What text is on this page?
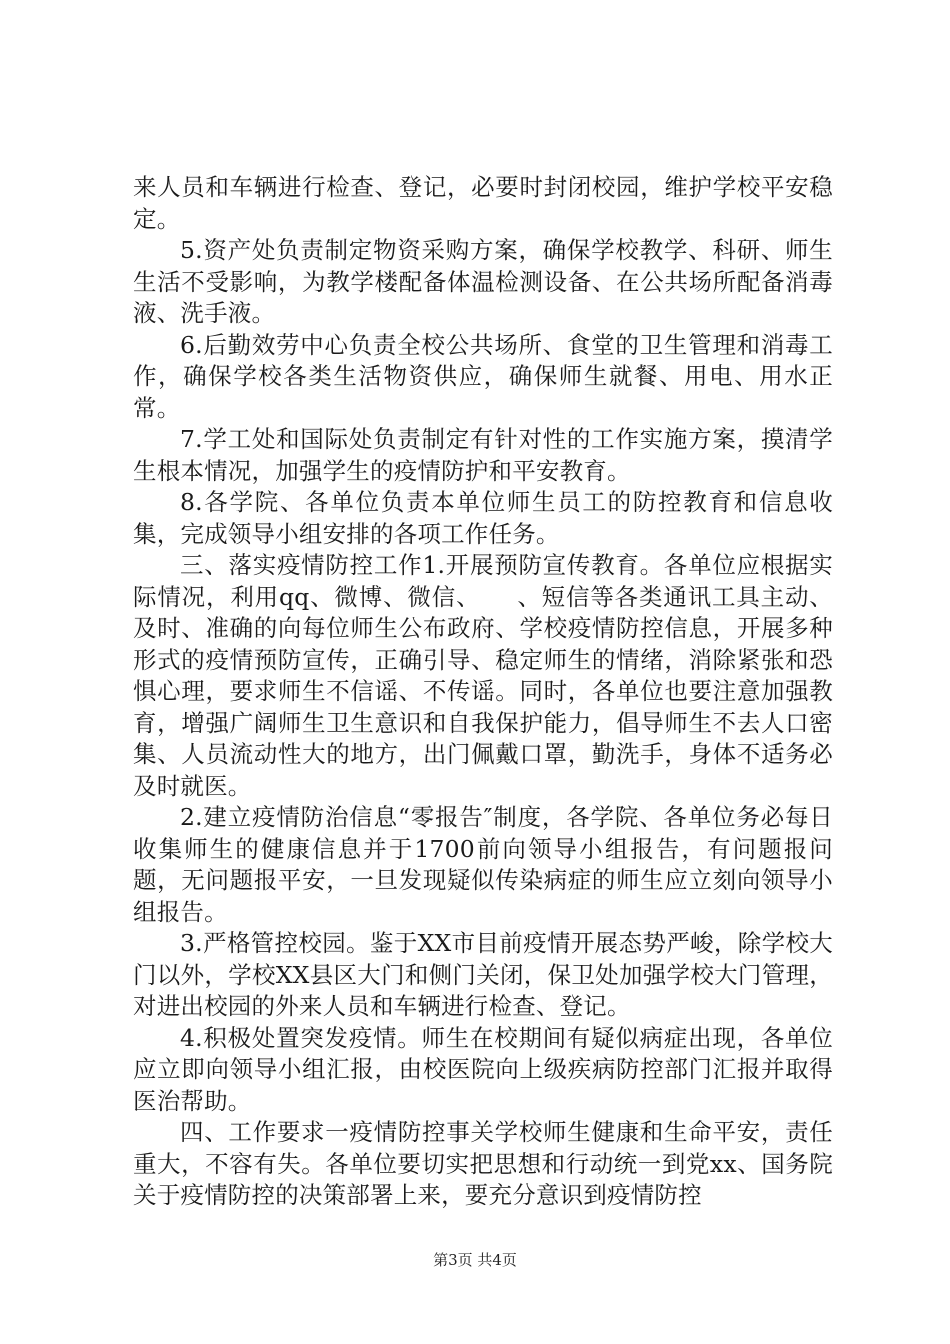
来人员和车辆进行检查、登记，必要时封闭校园，维护学校平安稳定。

5.资产处负责制定物资采购方案，确保学校教学、科研、师生生活不受影响，为教学楼配备体温检测设备、在公共场所配备消毒液、洗手液。

6.后勤效劳中心负责全校公共场所、食堂的卫生管理和消毒工作，确保学校各类生活物资供应，确保师生就餐、用电、用水正常。

7.学工处和国际处负责制定有针对性的工作实施方案，摸清学生根本情况，加强学生的疫情防护和平安教育。

8.各学院、各单位负责本单位师生员工的防控教育和信息收集，完成领导小组安排的各项工作任务。

三、落实疫情防控工作1.开展预防宣传教育。各单位应根据实际情况，利用qq、微博、微信、　　、短信等各类通讯工具主动、及时、准确的向每位师生公布政府、学校疫情防控信息，开展多种形式的疫情预防宣传，正确引导、稳定师生的情绪，消除紧张和恐惧心理，要求师生不信谣、不传谣。同时，各单位也要注意加强教育，增强广阔师生卫生意识和自我保护能力，倡导师生不去人口密集、人员流动性大的地方，出门佩戴口罩，勤洗手，身体不适务必及时就医。

2.建立疫情防治信息“零报告″制度，各学院、各单位务必每日收集师生的健康信息并于1700前向领导小组报告，有问题报问题，无问题报平安，一旦发现疑似传染病症的师生应立刻向领导小组报告。

3.严格管控校园。鉴于XX市目前疫情开展态势严峻，除学校大门以外，学校XX县区大门和侧门关闭，保卫处加强学校大门管理，对进出校园的外来人员和车辆进行检查、登记。

4.积极处置突发疫情。师生在校期间有疑似病症出现，各单位应立即向领导小组汇报，由校医院向上级疾病防控部门汇报并取得医治帮助。

四、工作要求一疫情防控事关学校师生健康和生命平安，责任重大，不容有失。各单位要切实把思想和行动统一到党xx、国务院关于疫情防控的决策部署上来，要充分意识到疫情防控

第3页 共4页
